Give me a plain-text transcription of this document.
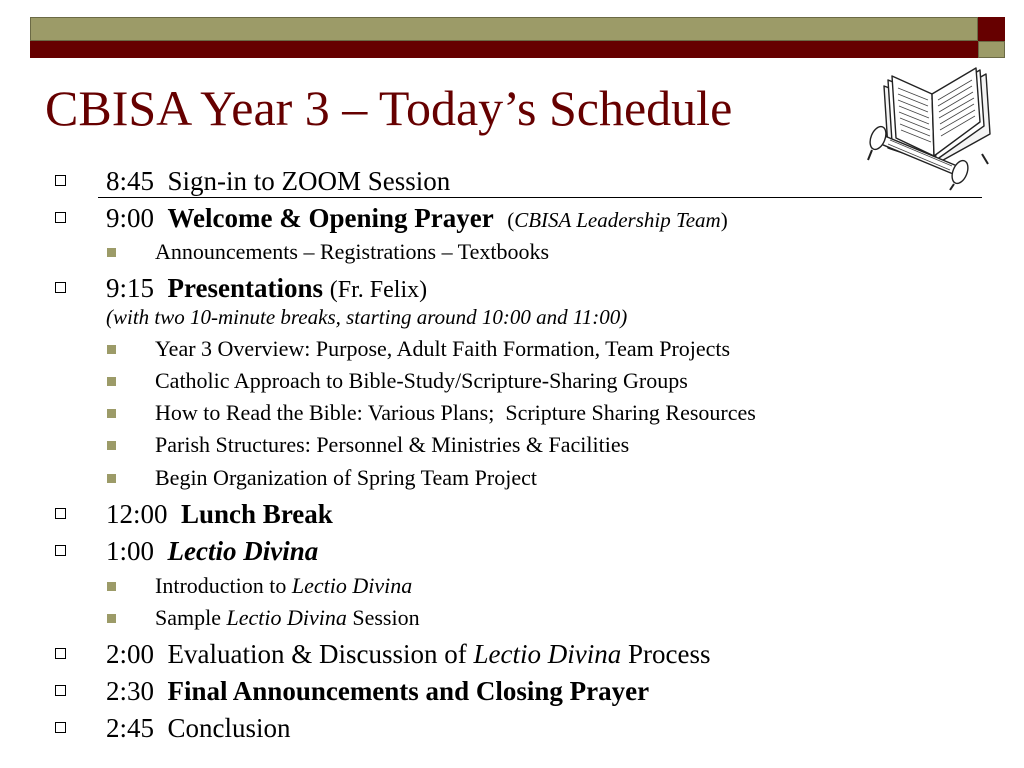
CBISA Year 3 – Today’s Schedule
8:45 Sign-in to ZOOM Session
9:00 Welcome & Opening Prayer (CBISA Leadership Team)
Announcements – Registrations – Textbooks
9:15 Presentations (Fr. Felix)
(with two 10-minute breaks, starting around 10:00 and 11:00)
Year 3 Overview: Purpose, Adult Faith Formation, Team Projects
Catholic Approach to Bible-Study/Scripture-Sharing Groups
How to Read the Bible: Various Plans;  Scripture Sharing Resources
Parish Structures: Personnel & Ministries & Facilities
Begin Organization of Spring Team Project
12:00 Lunch Break
1:00 Lectio Divina
Introduction to Lectio Divina
Sample Lectio Divina Session
2:00 Evaluation & Discussion of Lectio Divina Process
2:30 Final Announcements and Closing Prayer
2:45 Conclusion
